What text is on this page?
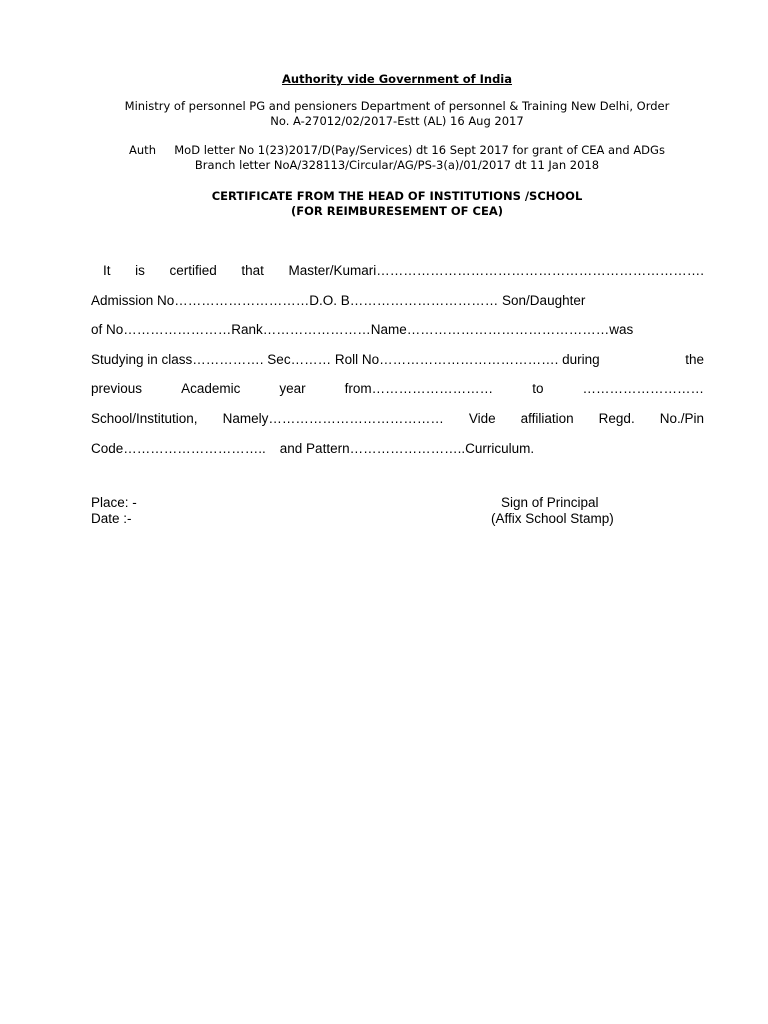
Authority vide Government of India
Ministry of personnel PG and pensioners Department of personnel & Training New Delhi, Order
No. A-27012/02/2017-Estt (AL) 16 Aug 2017
Auth     MoD letter No 1(23)2017/D(Pay/Services) dt 16 Sept 2017 for grant of CEA and ADGs
Branch letter NoA/328113/Circular/AG/PS-3(a)/01/2017 dt 11 Jan 2018
CERTIFICATE FROM THE HEAD OF INSTITUTIONS /SCHOOL
(FOR REIMBURESEMENT OF CEA)
It is certified that Master/Kumari……………………………………………………………….
Admission No…………………………D.O. B…………………………… Son/Daughter
of No……………………Rank……………………Name………………………………………was
Studying in class……………. Sec……… Roll No…………………………………. during	the
previous	Academic	year	from………………………	to	………………………
School/Institution, Namely………………………………… Vide affiliation Regd. No./Pin
Code………………………….. and Pattern……………………..Curriculum.
Place: -
Date :-
Sign of Principal
(Affix School Stamp)
